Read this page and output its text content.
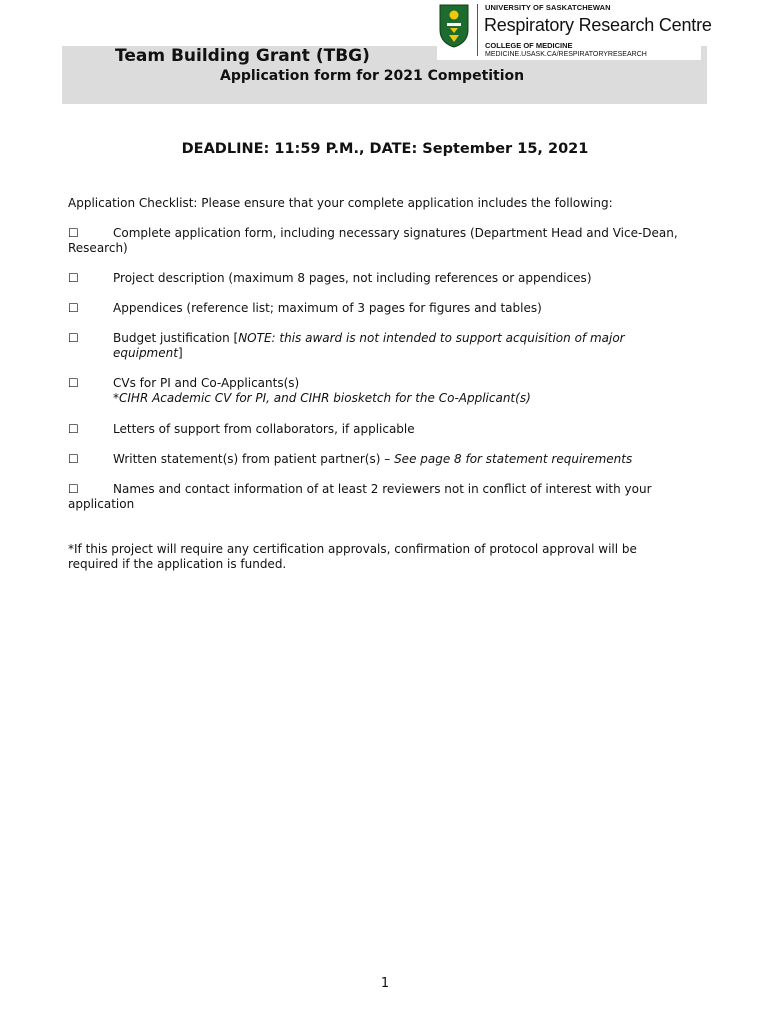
Team Building Grant (TBG)
Application form for 2021 Competition
UNIVERSITY OF SASKATCHEWAN
Respiratory Research Centre
COLLEGE OF MEDICINE
MEDICINE.USASK.CA/RESPIRATORYRESEARCH
DEADLINE: 11:59 P.M., DATE: September 15, 2021
Application Checklist: Please ensure that your complete application includes the following:
☐	Complete application form, including necessary signatures (Department Head and Vice-Dean, Research)
☐	Project description (maximum 8 pages, not including references or appendices)
☐	Appendices (reference list; maximum of 3 pages for figures and tables)
☐	Budget justification [NOTE: this award is not intended to support acquisition of major equipment]
☐	CVs for PI and Co-Applicants(s)
*CIHR Academic CV for PI, and CIHR biosketch for the Co-Applicant(s)
☐	Letters of support from collaborators, if applicable
☐	Written statement(s) from patient partner(s) – See page 8 for statement requirements
☐	Names and contact information of at least 2 reviewers not in conflict of interest with your application
*If this project will require any certification approvals, confirmation of protocol approval will be required if the application is funded.
1
